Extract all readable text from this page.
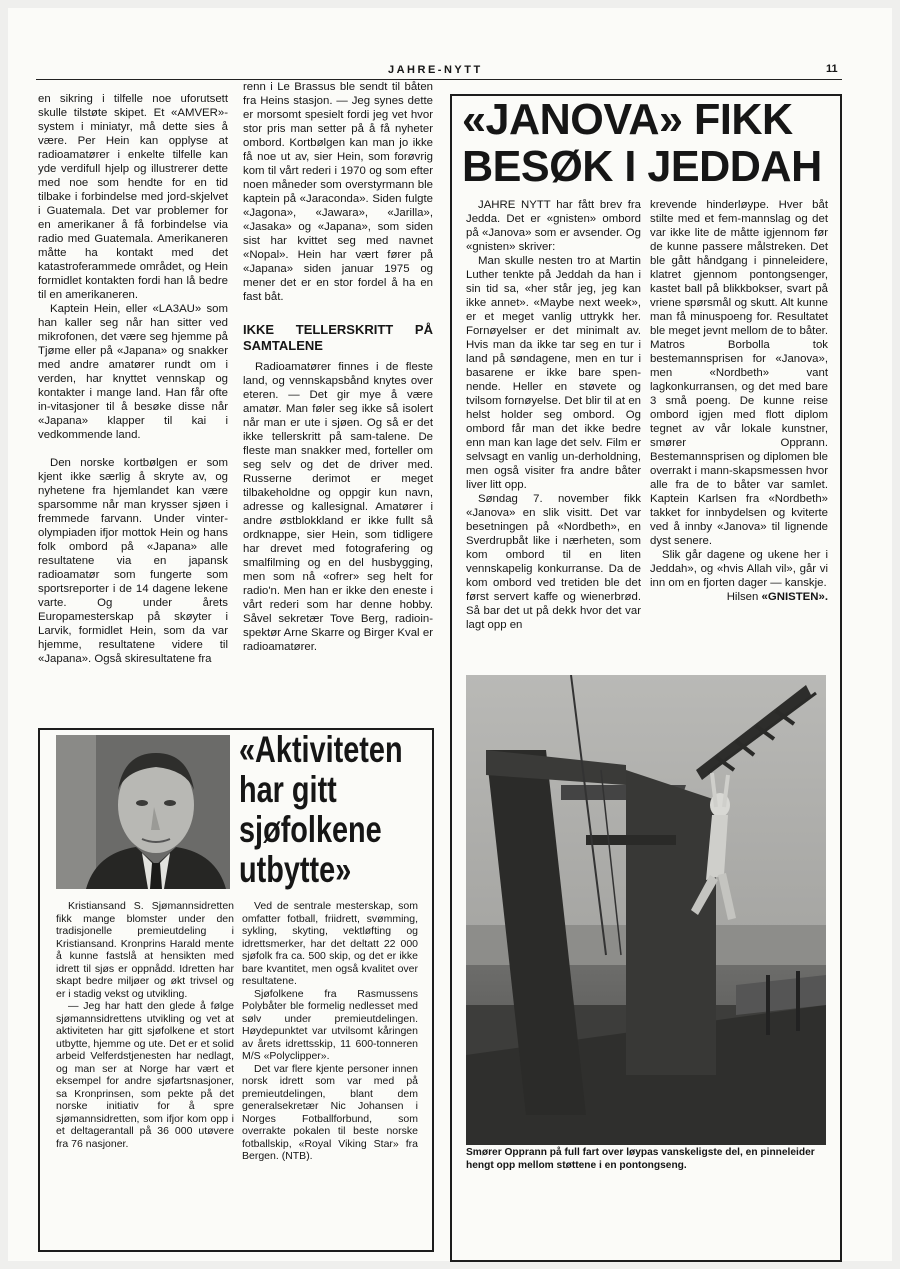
JAHRE-NYTT	11

en sikring i tilfelle noe uforutsett skulle tilstøte skipet. Et «AMVER»-system i miniatyr, må dette sies å være. Per Hein kan opplyse at radioamatører i enkelte tilfelle kan yde verdifull hjelp og illustrerer dette med noe som hendte for en tid tilbake i forbindelse med jord-skjelvet i Guatemala. Det var problemer for en amerikaner å få forbindelse via radio med Guatemala. Amerikaneren måtte ha kontakt med det katastroferammede området, og Hein formidlet kontakten fordi han lå bedre til en amerikaneren.

Kaptein Hein, eller «LA3AU» som han kaller seg når han sitter ved mikrofonen, det være seg hjemme på Tjøme eller på «Japana» og snakker med andre amatører rundt om i verden, har knyttet vennskap og kontakter i mange land. Han får ofte in-vitasjoner til å besøke disse når «Japana» klapper til kai i vedkommende land.

Den norske kortbølgen er som kjent ikke særlig å skryte av, og nyhetene fra hjemlandet kan være sparsomme når man krysser sjøen i fremmede farvann. Under vinter-olympiaden ifjor mottok Hein og hans folk ombord på «Japana» alle resultatene via en japansk radioamatør som fungerte som sportsreporter i de 14 dagene lekene varte. Og under årets Europamesterskap på skøyter i Larvik, formidlet Hein, som da var hjemme, resultatene videre til «Japana». Også skiresultatene fra

renn i Le Brassus ble sendt til båten fra Heins stasjon. — Jeg synes dette er morsomt spesielt fordi jeg vet hvor stor pris man setter på å få nyheter ombord. Kortbølgen kan man jo ikke få noe ut av, sier Hein, som forøvrig kom til vårt rederi i 1970 og som efter noen måneder som overstyrmann ble kaptein på «Jaraconda». Siden fulgte «Jagona», «Jawara», «Jarilla», «Jasaka» og «Japana», som siden sist har kvittet seg med navnet «Nopal». Hein har vært fører på «Japana» siden januar 1975 og mener det er en stor fordel å ha en fast båt.

IKKE TELLERSKRITT PÅ SAMTALENE

Radioamatører finnes i de fleste land, og vennskapsbånd knytes over eteren. — Det gir mye å være amatør. Man føler seg ikke så isolert når man er ute i sjøen. Og så er det ikke tellerskritt på sam-talene. De fleste man snakker med, forteller om seg selv og det de driver med. Russerne derimot er meget tilbakeholdne og oppgir kun navn, adresse og kallesignal. Amatører i andre østblokkland er ikke fullt så ordknappe, sier Hein, som tidligere har drevet med fotografering og smalfilming og en del husbygging, men som nå «ofrer» seg helt for radio'n. Men han er ikke den eneste i vårt rederi som har denne hobby. Såvel sekretær Tove Berg, radioin-spektør Arne Skarre og Birger Kval er radioamatører.

«JANOVA» FIKK
BESØK I JEDDAH

JAHRE NYTT har fått brev fra Jedda. Det er «gnisten» ombord på «Janova» som er avsender. Og «gnisten» skriver:

Man skulle nesten tro at Martin Luther tenkte på Jeddah da han i sin tid sa, «her står jeg, jeg kan ikke annet». «Maybe next week», er et meget vanlig uttrykk her. Fornøyelser er det minimalt av. Hvis man da ikke tar seg en tur i land på søndagene, men en tur i basarene er ikke bare spen-nende. Heller en støvete og tvilsom fornøyelse. Det blir til at en helst holder seg ombord. Og ombord får man det ikke bedre enn man kan lage det selv. Film er selvsagt en vanlig un-derholdning, men også visiter fra andre båter liver litt opp.

Søndag 7. november fikk «Janova» en slik visitt. Det var besetningen på «Nordbeth», en Sverdrupbåt like i nærheten, som kom ombord til en liten vennskapelig konkurranse. Da de kom ombord ved tretiden ble det først servert kaffe og wienerbrød. Så bar det ut på dekk hvor det var lagt opp en

krevende hinderløype. Hver båt stilte med et fem-mannslag og det var ikke lite de måtte igjennom før de kunne passere målstreken. Det ble gått håndgang i pinneleidere, klatret gjennom pontongsenger, kastet ball på blikkbokser, svart på vriene spørsmål og skutt. Alt kunne man få minuspoeng for. Resultatet ble meget jevnt mellom de to båter. Matros Borbolla tok bestemannsprisen for «Janova», men «Nordbeth» vant lagkonkurransen, og det med bare 3 små poeng. De kunne reise ombord igjen med flott diplom tegnet av vår lokale kunstner, smører Opprann. Bestemannsprisen og diplomen ble overrakt i mann-skapsmessen hvor alle fra de to båter var samlet. Kaptein Karlsen fra «Nordbeth» takket for innbydelsen og kviterte ved å innby «Janova» til lignende dyst senere.

Slik går dagene og ukene her i Jeddah», og «hvis Allah vil», går vi inn om en fjorten dager — kanskje.

Hilsen «GNISTEN».

Smører Opprann på full fart over løypas vanskeligste del, en pinneleider hengt opp mellom støttene i en pontongseng.
«Aktiviteten
har gitt
sjøfolkene
utbytte»

Kristiansand S. Sjømannsidretten fikk mange blomster under den tradisjonelle premieutdeling i Kristiansand. Kronprins Harald mente å kunne fastslå at hensikten med idrett til sjøs er oppnådd. Idretten har skapt bedre miljøer og økt trivsel og er i stadig vekst og utvikling.

— Jeg har hatt den glede å følge sjømannsidrettens utvikling og vet at aktiviteten har gitt sjøfolkene et stort utbytte, hjemme og ute. Det er et solid arbeid Velferdstjenesten har nedlagt, og man ser at Norge har vært et eksempel for andre sjøfartsnasjoner, sa Kronprinsen, som pekte på det norske initiativ for å spre sjømannsidretten, som ifjor kom opp i et deltagerantall på 36 000 utøvere fra 76 nasjoner.

Ved de sentrale mesterskap, som omfatter fotball, friidrett, svømming, sykling, skyting, vektløfting og idrettsmerker, har det deltatt 22 000 sjøfolk fra ca. 500 skip, og det er ikke bare kvantitet, men også kvalitet over resultatene.

Sjøfolkene fra Rasmussens Polybåter ble formelig nedlesset med sølv under premieutdelingen. Høydepunktet var utvilsomt kåringen av årets idrettsskip, 11 600-tonneren M/S «Polyclipper».

Det var flere kjente personer innen norsk idrett som var med på premieutdelingen, blant dem generalsekretær Nic Johansen i Norges Fotballforbund, som overrakte pokalen til beste norske fotballskip, «Royal Viking Star» fra Bergen. (NTB).
